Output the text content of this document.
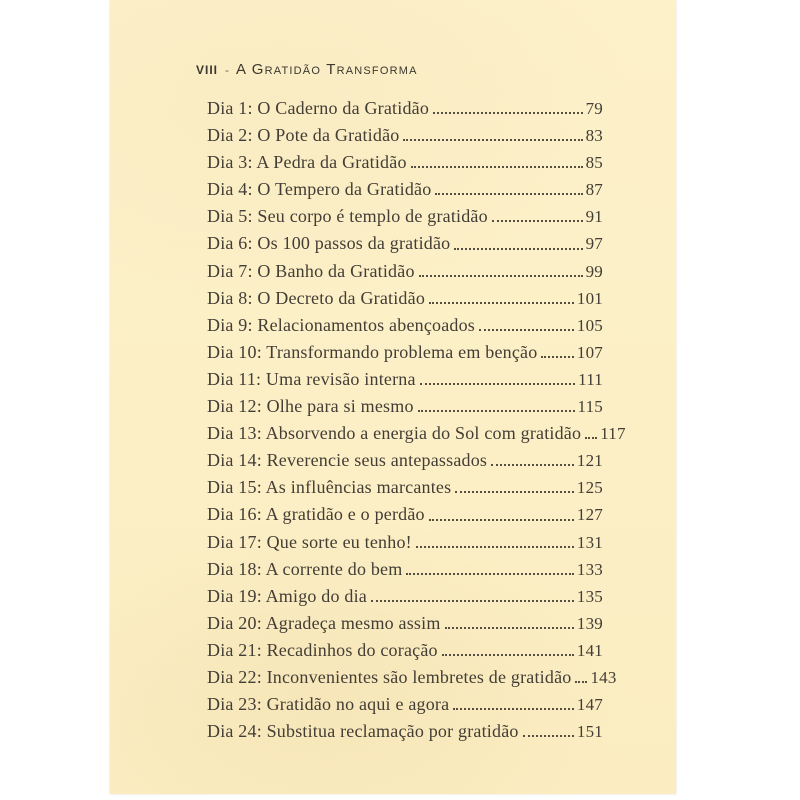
VIII - A Gratidão Transforma
Dia 1: O Caderno da Gratidão	79
Dia 2: O Pote da Gratidão	83
Dia 3: A Pedra da Gratidão	85
Dia 4: O Tempero da Gratidão	87
Dia 5: Seu corpo é templo de gratidão	91
Dia 6: Os 100 passos da gratidão	97
Dia 7: O Banho da Gratidão	99
Dia 8: O Decreto da Gratidão	101
Dia 9: Relacionamentos abençoados	105
Dia 10: Transformando problema em benção 107
Dia 11: Uma revisão interna	111
Dia 12: Olhe para si mesmo	115
Dia 13: Absorvendo a energia do Sol com gratidão 117
Dia 14: Reverencie seus antepassados	121
Dia 15: As influências marcantes	125
Dia 16: A gratidão e o perdão	127
Dia 17: Que sorte eu tenho!	131
Dia 18: A corrente do bem	133
Dia 19: Amigo do dia	135
Dia 20: Agradeça mesmo assim	139
Dia 21: Recadinhos do coração	141
Dia 22: Inconvenientes são lembretes de gratidão 143
Dia 23: Gratidão no aqui e agora	147
Dia 24: Substitua reclamação por gratidão	151
